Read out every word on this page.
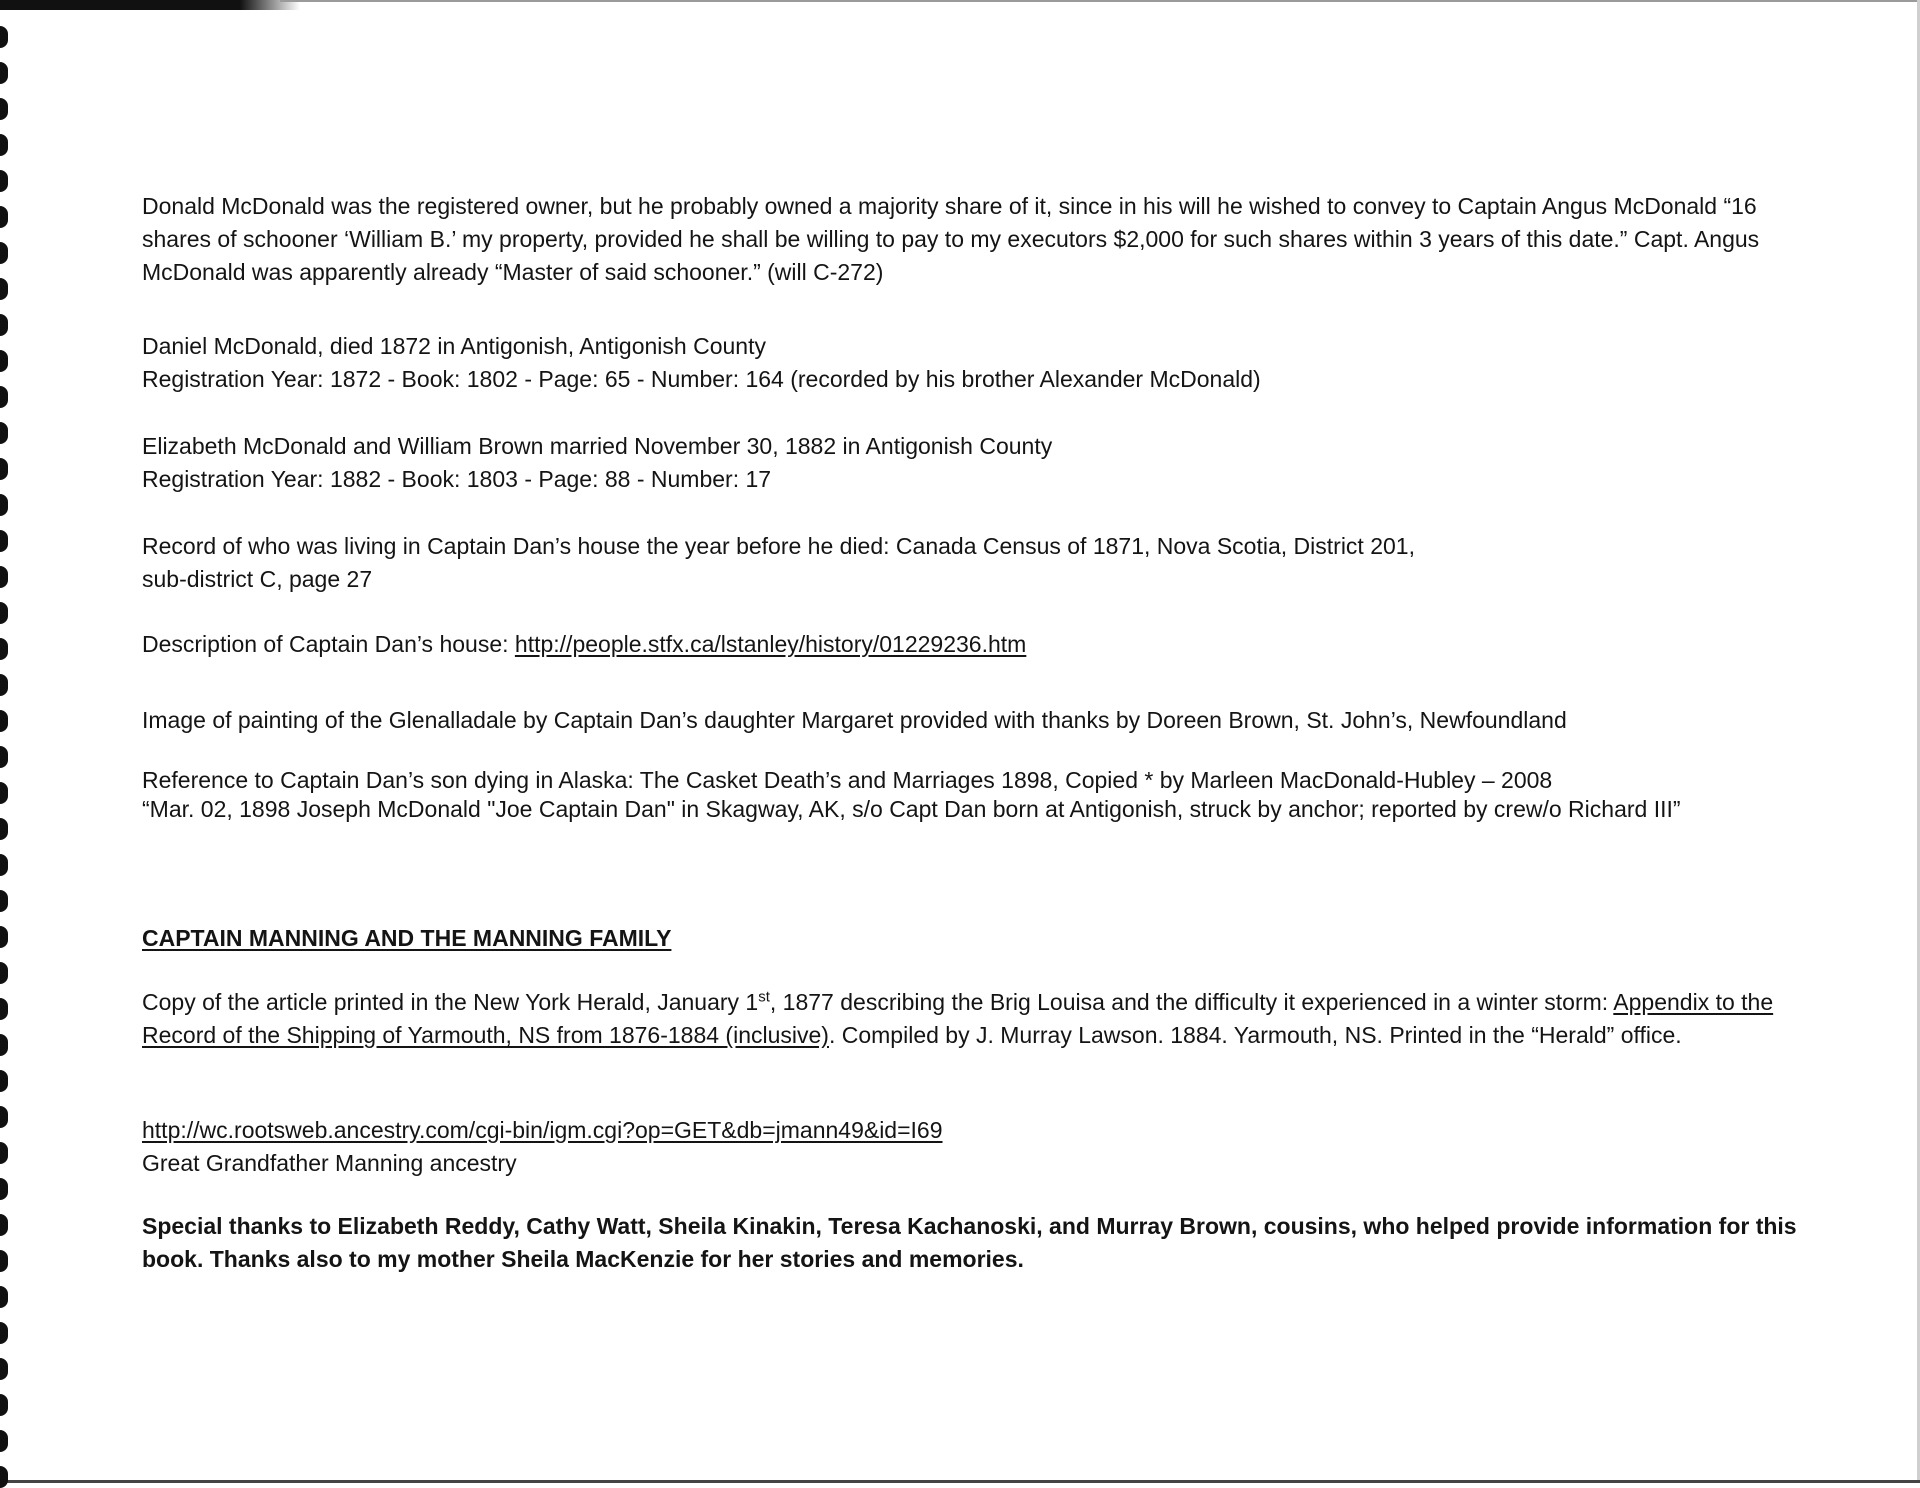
Donald McDonald was the registered owner, but he probably owned a majority share of it, since in his will he wished to convey to Captain Angus McDonald “16 shares of schooner ‘William B.’ my property, provided he shall be willing to pay to my executors $2,000 for such shares within 3 years of this date.” Capt. Angus McDonald was apparently already “Master of said schooner.” (will C-272)

Daniel McDonald, died 1872 in Antigonish, Antigonish County

Registration Year: 1872 - Book: 1802 - Page: 65 - Number: 164 (recorded by his brother Alexander McDonald)

Elizabeth McDonald and William Brown married November 30, 1882 in Antigonish County

Registration Year: 1882 - Book: 1803 - Page: 88 - Number: 17

Record of who was living in Captain Dan’s house the year before he died: Canada Census of 1871, Nova Scotia, District 201,

sub-district C, page 27

Description of Captain Dan’s house: http://people.stfx.ca/lstanley/history/01229236.htm

Image of painting of the Glenalladale by Captain Dan’s daughter Margaret provided with thanks by Doreen Brown, St. John’s, Newfoundland

Reference to Captain Dan’s son dying in Alaska: The Casket Death’s and Marriages 1898, Copied * by Marleen MacDonald-Hubley – 2008

“Mar. 02, 1898 Joseph McDonald "Joe Captain Dan" in Skagway, AK, s/o Capt Dan born at Antigonish, struck by anchor; reported by crew/o Richard III”

CAPTAIN MANNING AND THE MANNING FAMILY

Copy of the article printed in the New York Herald, January 1st, 1877 describing the Brig Louisa and the difficulty it experienced in a winter storm: Appendix to the Record of the Shipping of Yarmouth, NS from 1876-1884 (inclusive). Compiled by J. Murray Lawson. 1884. Yarmouth, NS. Printed in the “Herald” office.

http://wc.rootsweb.ancestry.com/cgi-bin/igm.cgi?op=GET&db=jmann49&id=I69

Great Grandfather Manning ancestry

Special thanks to Elizabeth Reddy, Cathy Watt, Sheila Kinakin, Teresa Kachanoski, and Murray Brown, cousins, who helped provide information for this book. Thanks also to my mother Sheila MacKenzie for her stories and memories.
